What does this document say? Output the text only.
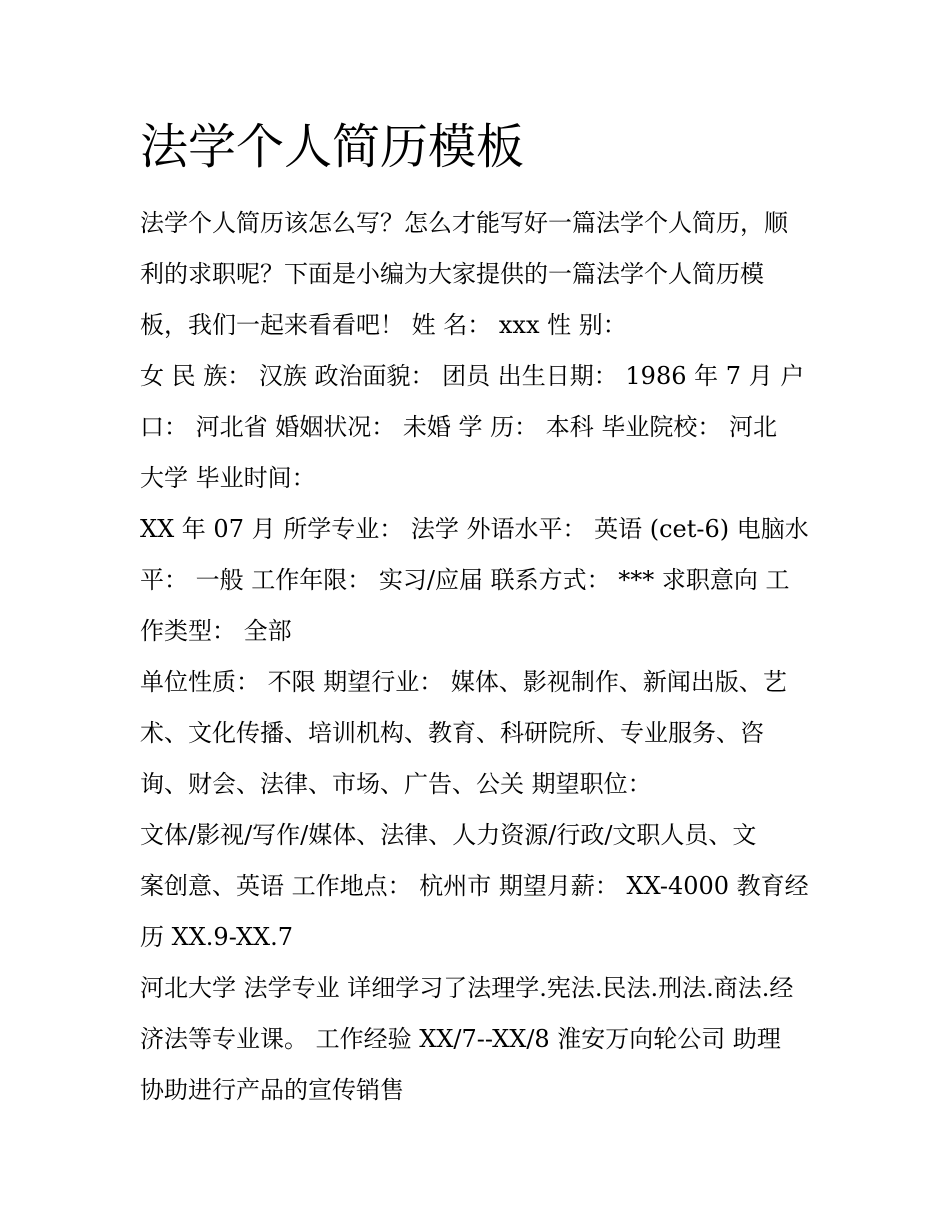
法学个人简历模板
法学个人简历该怎么写？怎么才能写好一篇法学个人简历，顺
利的求职呢？下面是小编为大家提供的一篇法学个人简历模
板，我们一起来看看吧！ 姓 名： xxx 性 别：
女 民 族： 汉族 政治面貌： 团员 出生日期： 1986 年 7 月 户
口： 河北省 婚姻状况： 未婚 学 历： 本科 毕业院校： 河北
大学 毕业时间：
XX 年 07 月 所学专业： 法学 外语水平： 英语 (cet-6) 电脑水
平： 一般 工作年限： 实习/应届 联系方式： *** 求职意向 工
作类型： 全部
单位性质： 不限 期望行业： 媒体、影视制作、新闻出版、艺
术、文化传播、培训机构、教育、科研院所、专业服务、咨
询、财会、法律、市场、广告、公关 期望职位：
文体/影视/写作/媒体、法律、人力资源/行政/文职人员、文
案创意、英语 工作地点： 杭州市 期望月薪： XX-4000 教育经
历 XX.9-XX.7
河北大学 法学专业 详细学习了法理学.宪法.民法.刑法.商法.经
济法等专业课。 工作经验 XX/7--XX/8 淮安万向轮公司 助理
协助进行产品的宣传销售
